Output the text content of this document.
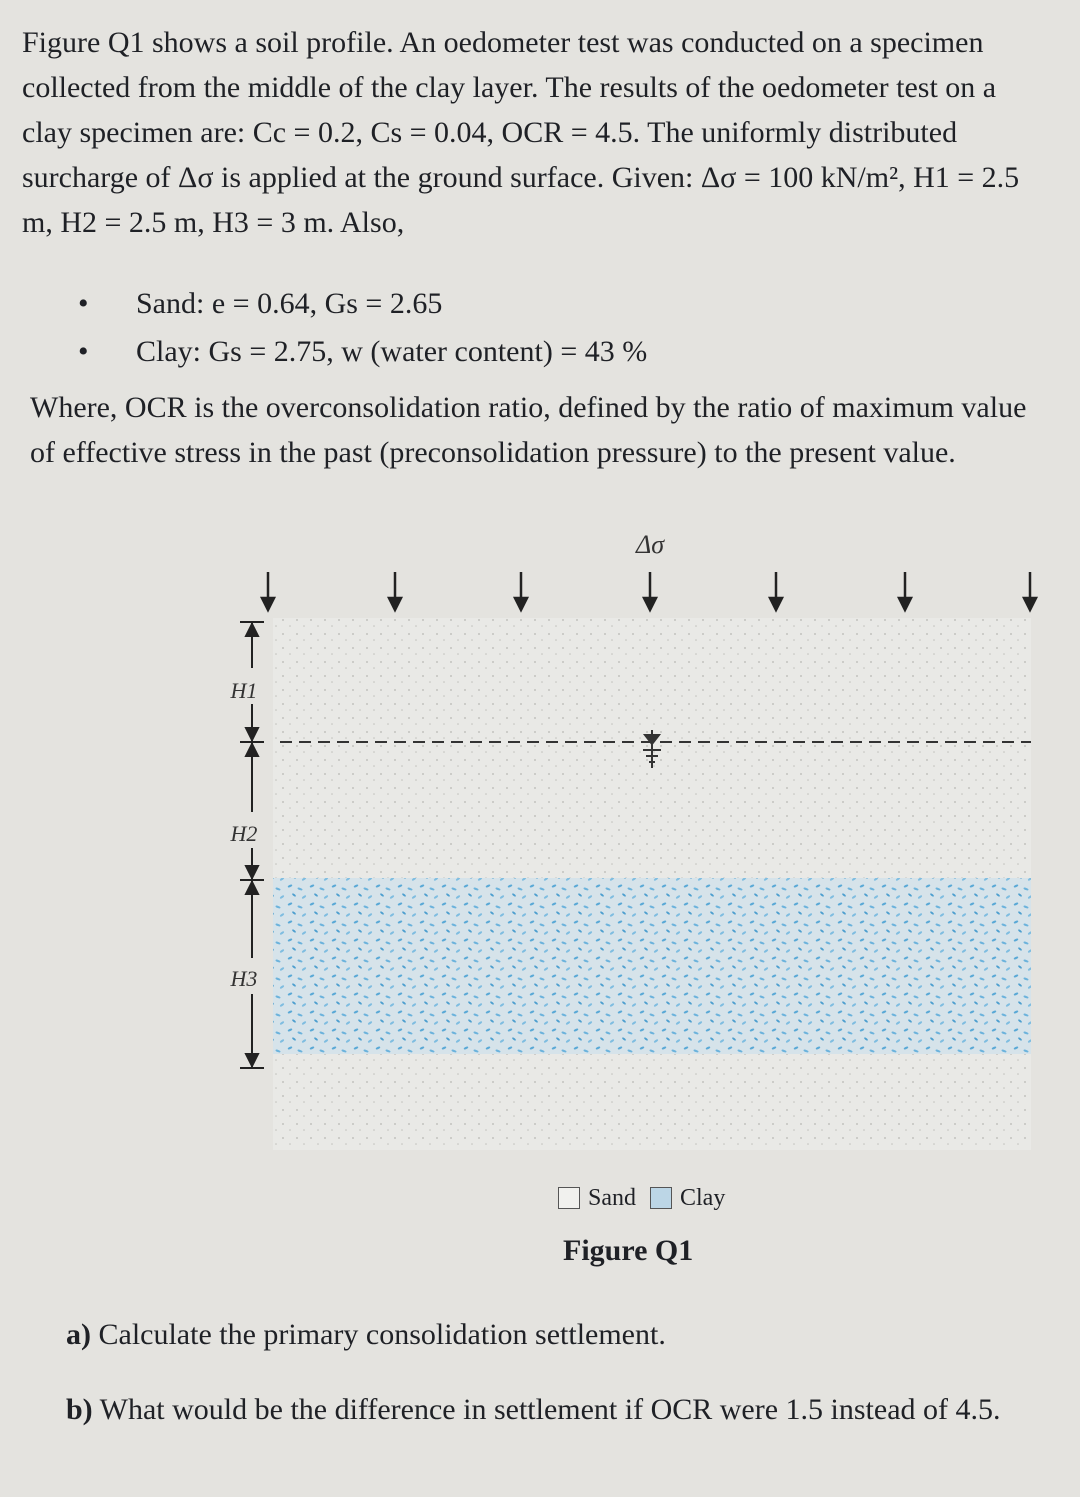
Figure Q1 shows a soil profile. An oedometer test was conducted on a specimen collected from the middle of the clay layer. The results of the oedometer test on a clay specimen are: Cc = 0.2, Cs = 0.04, OCR = 4.5. The uniformly distributed surcharge of Δσ is applied at the ground surface. Given: Δσ = 100 kN/m², H1 = 2.5 m, H2 = 2.5 m, H3 = 3 m. Also,

• Sand: e = 0.64, Gs = 2.65
• Clay: Gs = 2.75, w (water content) = 43 %

Where, OCR is the overconsolidation ratio, defined by the ratio of maximum value of effective stress in the past (preconsolidation pressure) to the present value.

Δσ
H1
H2
H3
Sand Clay

Figure Q1

a) Calculate the primary consolidation settlement.

b) What would be the difference in settlement if OCR were 1.5 instead of 4.5.
